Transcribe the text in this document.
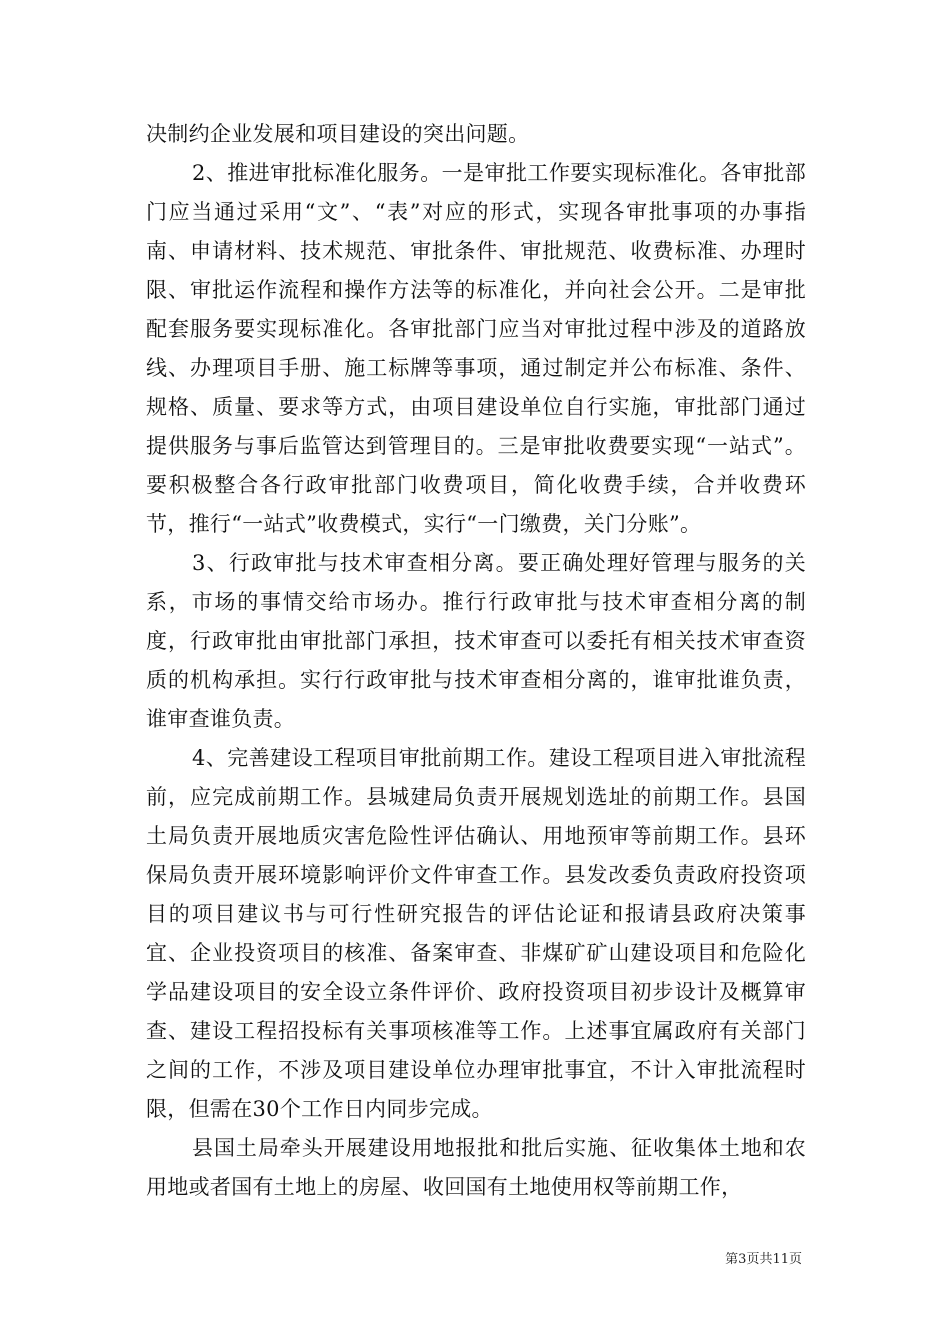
决制约企业发展和项目建设的突出问题。

2、推进审批标准化服务。一是审批工作要实现标准化。各审批部门应当通过采用“文”、“表”对应的形式，实现各审批事项的办事指南、申请材料、技术规范、审批条件、审批规范、收费标准、办理时限、审批运作流程和操作方法等的标准化，并向社会公开。二是审批配套服务要实现标准化。各审批部门应当对审批过程中涉及的道路放线、办理项目手册、施工标牌等事项，通过制定并公布标准、条件、规格、质量、要求等方式，由项目建设单位自行实施，审批部门通过提供服务与事后监管达到管理目的。三是审批收费要实现“一站式”。要积极整合各行政审批部门收费项目，简化收费手续，合并收费环节，推行“一站式”收费模式，实行“一门缴费，关门分账”。

3、行政审批与技术审查相分离。要正确处理好管理与服务的关系，市场的事情交给市场办。推行行政审批与技术审查相分离的制度，行政审批由审批部门承担，技术审查可以委托有相关技术审查资质的机构承担。实行行政审批与技术审查相分离的，谁审批谁负责，谁审查谁负责。

4、完善建设工程项目审批前期工作。建设工程项目进入审批流程前，应完成前期工作。县城建局负责开展规划选址的前期工作。县国土局负责开展地质灾害危险性评估确认、用地预审等前期工作。县环保局负责开展环境影响评价文件审查工作。县发改委负责政府投资项目的项目建议书与可行性研究报告的评估论证和报请县政府决策事宜、企业投资项目的核准、备案审查、非煤矿矿山建设项目和危险化学品建设项目的安全设立条件评价、政府投资项目初步设计及概算审查、建设工程招投标有关事项核准等工作。上述事宜属政府有关部门之间的工作，不涉及项目建设单位办理审批事宜，不计入审批流程时限，但需在30个工作日内同步完成。

县国土局牵头开展建设用地报批和批后实施、征收集体土地和农用地或者国有土地上的房屋、收回国有土地使用权等前期工作，

第3页共11页
